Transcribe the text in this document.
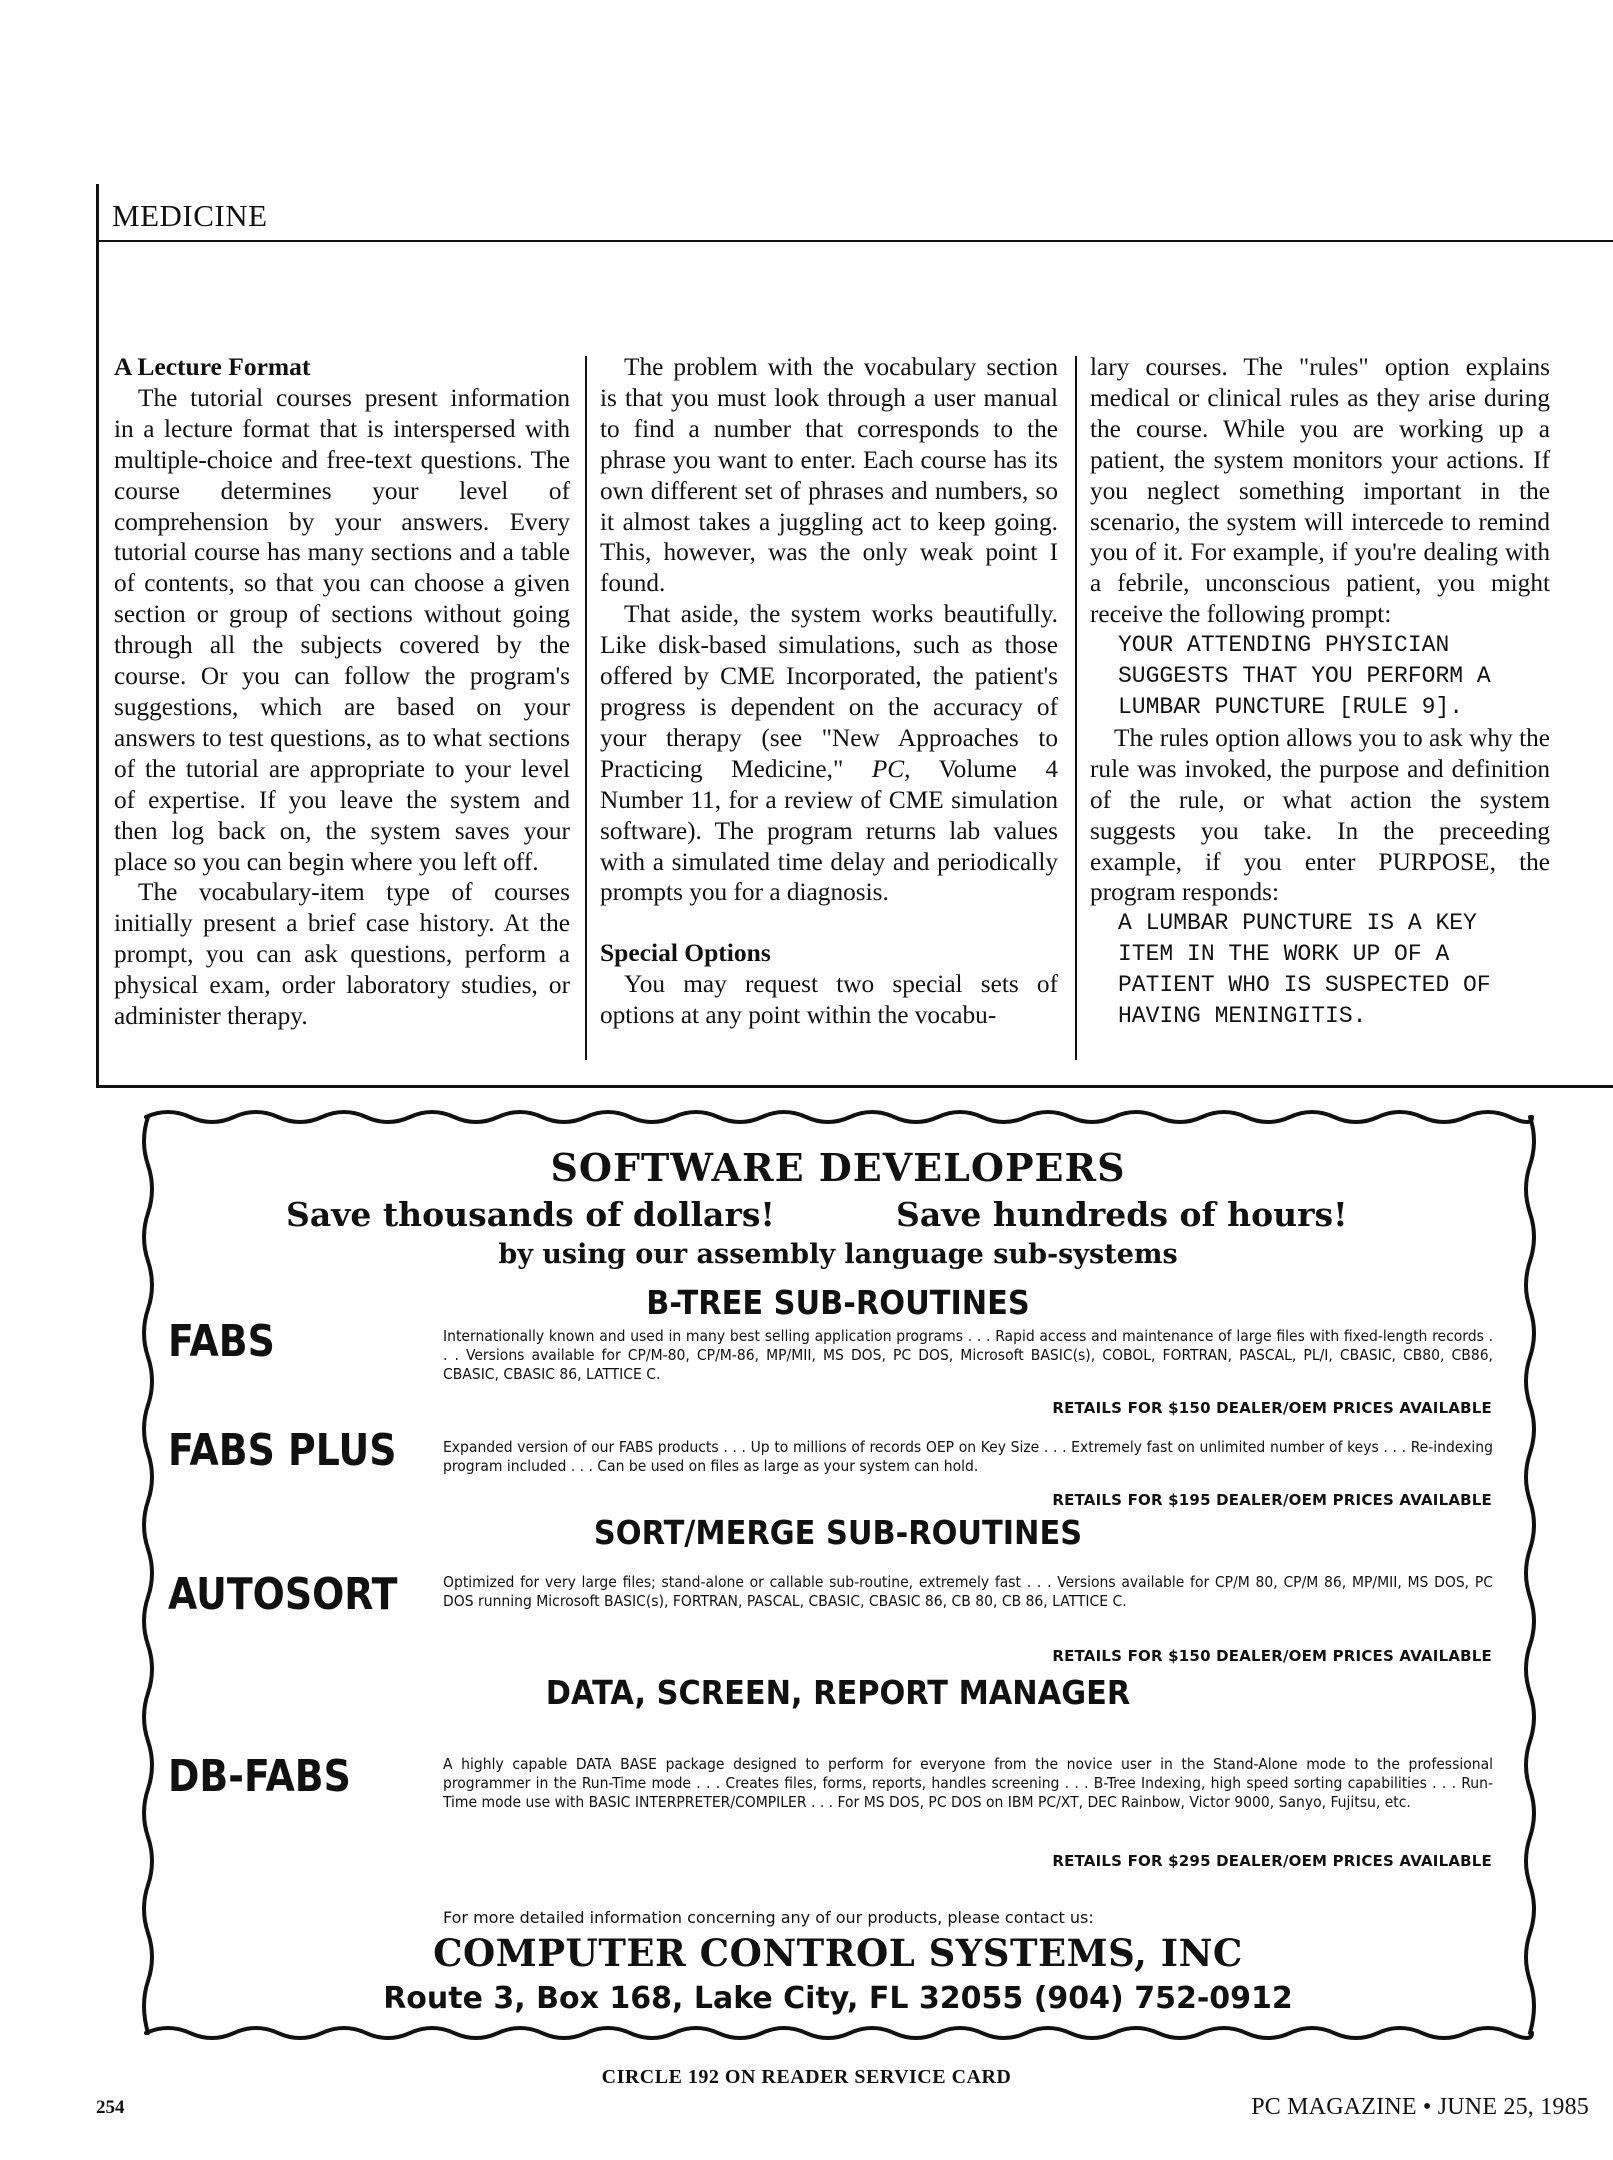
MEDICINE
A Lecture Format

The tutorial courses present information in a lecture format that is interspersed with multiple-choice and free-text questions. The course determines your level of comprehension by your answers. Every tutorial course has many sections and a table of contents, so that you can choose a given section or group of sections without going through all the subjects covered by the course. Or you can follow the program's suggestions, which are based on your answers to test questions, as to what sections of the tutorial are appropriate to your level of expertise. If you leave the system and then log back on, the system saves your place so you can begin where you left off.

The vocabulary-item type of courses initially present a brief case history. At the prompt, you can ask questions, perform a physical exam, order laboratory studies, or administer therapy.

The problem with the vocabulary section is that you must look through a user manual to find a number that corresponds to the phrase you want to enter. Each course has its own different set of phrases and numbers, so it almost takes a juggling act to keep going. This, however, was the only weak point I found.

That aside, the system works beautifully. Like disk-based simulations, such as those offered by CME Incorporated, the patient's progress is dependent on the accuracy of your therapy (see "New Approaches to Practicing Medicine," PC, Volume 4 Number 11, for a review of CME simulation software). The program returns lab values with a simulated time delay and periodically prompts you for a diagnosis.

Special Options

You may request two special sets of options at any point within the vocabu-

lary courses. The "rules" option explains medical or clinical rules as they arise during the course. While you are working up a patient, the system monitors your actions. If you neglect something important in the scenario, the system will intercede to remind you of it. For example, if you're dealing with a febrile, unconscious patient, you might receive the following prompt:

YOUR ATTENDING PHYSICIAN
SUGGESTS THAT YOU PERFORM A
LUMBAR PUNCTURE [RULE 9].

The rules option allows you to ask why the rule was invoked, the purpose and definition of the rule, or what action the system suggests you take. In the preceeding example, if you enter PURPOSE, the program responds:

A LUMBAR PUNCTURE IS A KEY
ITEM IN THE WORK UP OF A
PATIENT WHO IS SUSPECTED OF
HAVING MENINGITIS.
SOFTWARE DEVELOPERS
Save thousands of dollars!	Save hundreds of hours!
by using our assembly language sub-systems
B-TREE SUB-ROUTINES
FABS	Internationally known and used in many best selling application programs . . . Rapid access and maintenance of large files with fixed-length records . . . Versions available for CP/M-80, CP/M-86, MP/MII, MS DOS, PC DOS, Microsoft BASIC(s), COBOL, FORTRAN, PASCAL, PL/I, CBASIC, CB80, CB86, CBASIC, CBASIC 86, LATTICE C.
RETAILS FOR $150 DEALER/OEM PRICES AVAILABLE
FABS PLUS	Expanded version of our FABS products . . . Up to millions of records OEP on Key Size . . . Extremely fast on unlimited number of keys . . . Re-indexing program included . . . Can be used on files as large as your system can hold.
RETAILS FOR $195 DEALER/OEM PRICES AVAILABLE
SORT/MERGE SUB-ROUTINES
AUTOSORT	Optimized for very large files; stand-alone or callable sub-routine, extremely fast . . . Versions available for CP/M 80, CP/M 86, MP/MII, MS DOS, PC DOS running Microsoft BASIC(s), FORTRAN, PASCAL, CBASIC, CBASIC 86, CB 80, CB 86, LATTICE C.
RETAILS FOR $150 DEALER/OEM PRICES AVAILABLE
DATA, SCREEN, REPORT MANAGER
DB-FABS	A highly capable DATA BASE package designed to perform for everyone from the novice user in the Stand-Alone mode to the professional programmer in the Run-Time mode . . . Creates files, forms, reports, handles screening . . . B-Tree Indexing, high speed sorting capabilities . . . Run-Time mode use with BASIC INTERPRETER/COMPILER . . . For MS DOS, PC DOS on IBM PC/XT, DEC Rainbow, Victor 9000, Sanyo, Fujitsu, etc.
RETAILS FOR $295 DEALER/OEM PRICES AVAILABLE
For more detailed information concerning any of our products, please contact us:
COMPUTER CONTROL SYSTEMS, INC
Route 3, Box 168, Lake City, FL 32055 (904) 752-0912
CIRCLE 192 ON READER SERVICE CARD
254	PC MAGAZINE • JUNE 25, 1985
